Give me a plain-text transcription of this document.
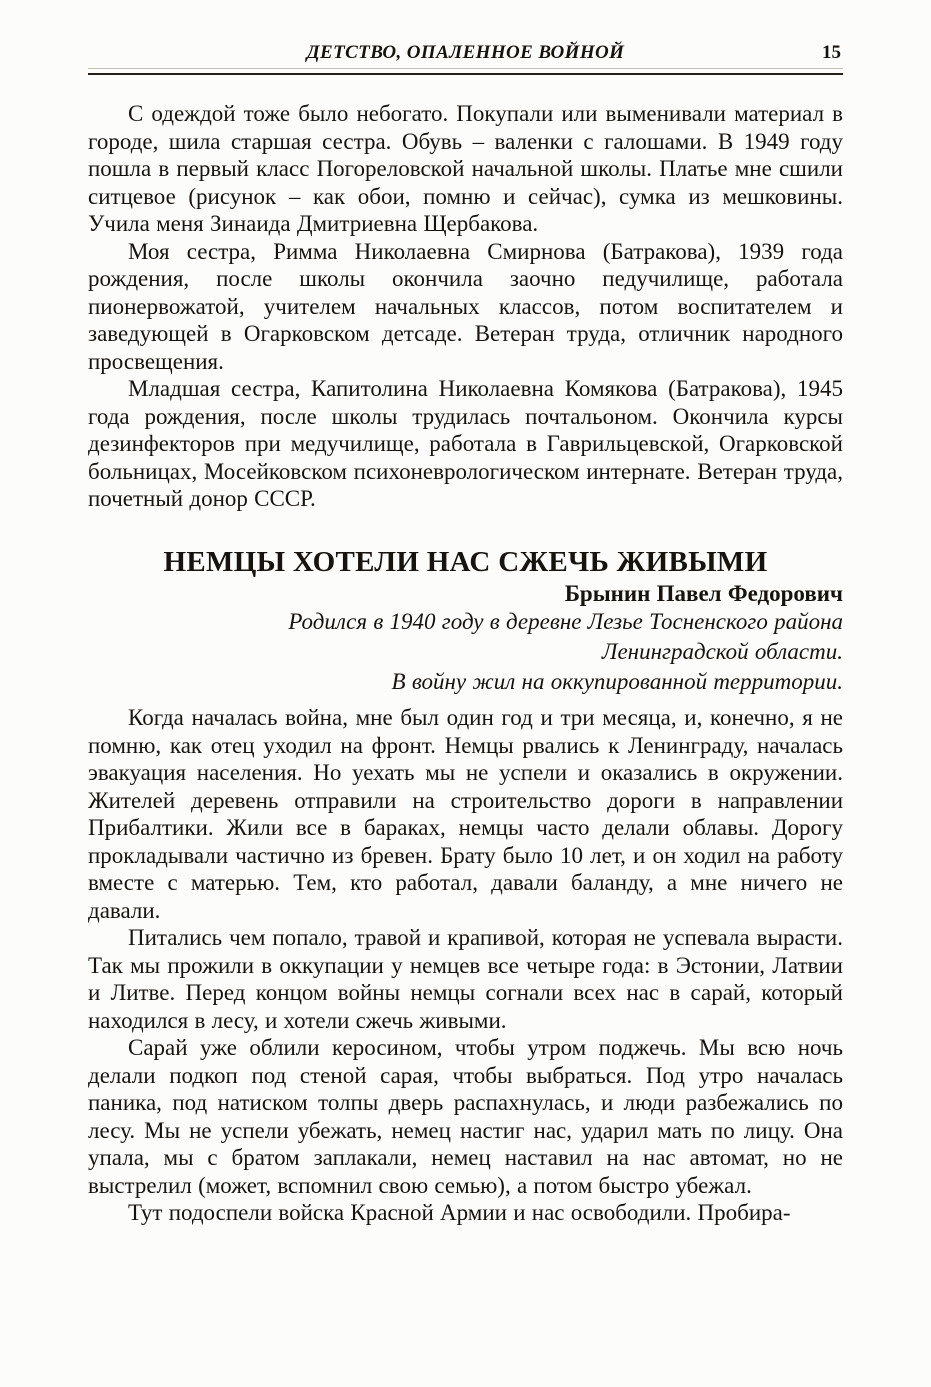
ДЕТСТВО, ОПАЛЕННОЕ ВОЙНОЙ	15

С одеждой тоже было небогато. Покупали или выменивали материал в городе, шила старшая сестра. Обувь – валенки с галошами. В 1949 году пошла в первый класс Погореловской начальной школы. Платье мне сшили ситцевое (рисунок – как обои, помню и сейчас), сумка из мешковины. Учила меня Зинаида Дмитриевна Щербакова.

Моя сестра, Римма Николаевна Смирнова (Батракова), 1939 года рождения, после школы окончила заочно педучилище, работала пионервожатой, учителем начальных классов, потом воспитателем и заведующей в Огарковском детсаде. Ветеран труда, отличник народного просвещения.

Младшая сестра, Капитолина Николаевна Комякова (Батракова), 1945 года рождения, после школы трудилась почтальоном. Окончила курсы дезинфекторов при медучилище, работала в Гаврильцевской, Огарковской больницах, Мосейковском психоневрологическом интернате. Ветеран труда, почетный донор СССР.

НЕМЦЫ ХОТЕЛИ НАС СЖЕЧЬ ЖИВЫМИ

Брынин Павел Федорович

Родился в 1940 году в деревне Лезье Тосненского района

Ленинградской области.

В войну жил на оккупированной территории.

Когда началась война, мне был один год и три месяца, и, конечно, я не помню, как отец уходил на фронт. Немцы рвались к Ленинграду, началась эвакуация населения. Но уехать мы не успели и оказались в окружении. Жителей деревень отправили на строительство дороги в направлении Прибалтики. Жили все в бараках, немцы часто делали облавы. Дорогу прокладывали частично из бревен. Брату было 10 лет, и он ходил на работу вместе с матерью. Тем, кто работал, давали баланду, а мне ничего не давали.

Питались чем попало, травой и крапивой, которая не успевала вырасти. Так мы прожили в оккупации у немцев все четыре года: в Эстонии, Латвии и Литве. Перед концом войны немцы согнали всех нас в сарай, который находился в лесу, и хотели сжечь живыми.

Сарай уже облили керосином, чтобы утром поджечь. Мы всю ночь делали подкоп под стеной сарая, чтобы выбраться. Под утро началась паника, под натиском толпы дверь распахнулась, и люди разбежались по лесу. Мы не успели убежать, немец настиг нас, ударил мать по лицу. Она упала, мы с братом заплакали, немец наставил на нас автомат, но не выстрелил (может, вспомнил свою семью), а потом быстро убежал.

Тут подоспели войска Красной Армии и нас освободили. Пробира-
